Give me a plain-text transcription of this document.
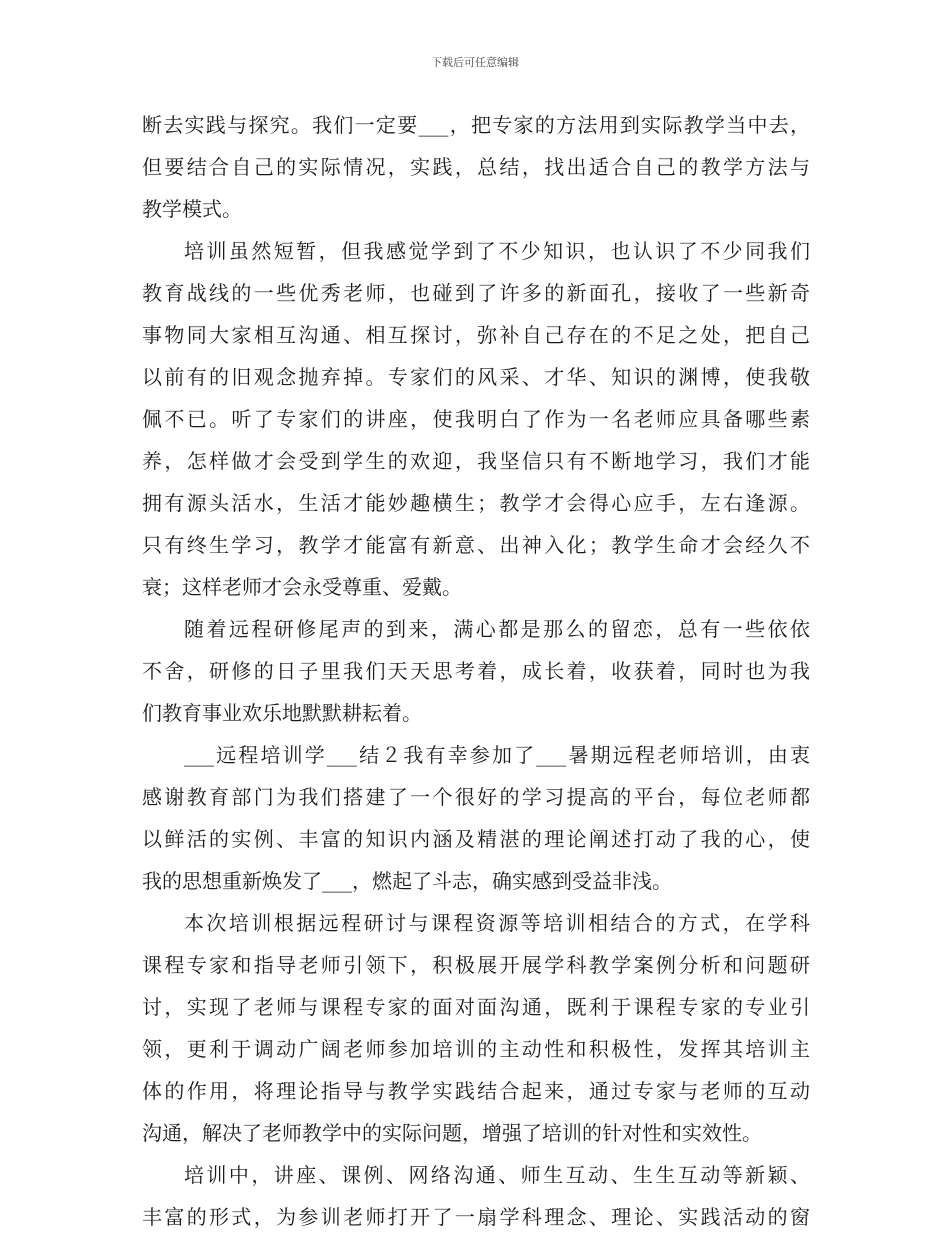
下载后可任意编辑
断去实践与探究。我们一定要___，把专家的方法用到实际教学当中去，
但要结合自己的实际情况，实践，总结，找出适合自己的教学方法与
教学模式。
培训虽然短暂，但我感觉学到了不少知识，也认识了不少同我们
教育战线的一些优秀老师，也碰到了许多的新面孔，接收了一些新奇
事物同大家相互沟通、相互探讨，弥补自己存在的不足之处，把自己
以前有的旧观念抛弃掉。专家们的风采、才华、知识的渊博，使我敬
佩不已。听了专家们的讲座，使我明白了作为一名老师应具备哪些素
养，怎样做才会受到学生的欢迎，我坚信只有不断地学习，我们才能
拥有源头活水，生活才能妙趣横生；教学才会得心应手，左右逢源。
只有终生学习，教学才能富有新意、出神入化；教学生命才会经久不
衰；这样老师才会永受尊重、爱戴。
随着远程研修尾声的到来，满心都是那么的留恋，总有一些依依
不舍，研修的日子里我们天天思考着，成长着，收获着，同时也为我
们教育事业欢乐地默默耕耘着。
___远程培训学___结２我有幸参加了___暑期远程老师培训，由衷
感谢教育部门为我们搭建了一个很好的学习提高的平台，每位老师都
以鲜活的实例、丰富的知识内涵及精湛的理论阐述打动了我的心，使
我的思想重新焕发了___，燃起了斗志，确实感到受益非浅。
本次培训根据远程研讨与课程资源等培训相结合的方式，在学科
课程专家和指导老师引领下，积极展开展学科教学案例分析和问题研
讨，实现了老师与课程专家的面对面沟通，既利于课程专家的专业引
领，更利于调动广阔老师参加培训的主动性和积极性，发挥其培训主
体的作用，将理论指导与教学实践结合起来，通过专家与老师的互动
沟通，解决了老师教学中的实际问题，增强了培训的针对性和实效性。
培训中，讲座、课例、网络沟通、师生互动、生生互动等新颖、
丰富的形式，为参训老师打开了一扇学科理念、理论、实践活动的窗
